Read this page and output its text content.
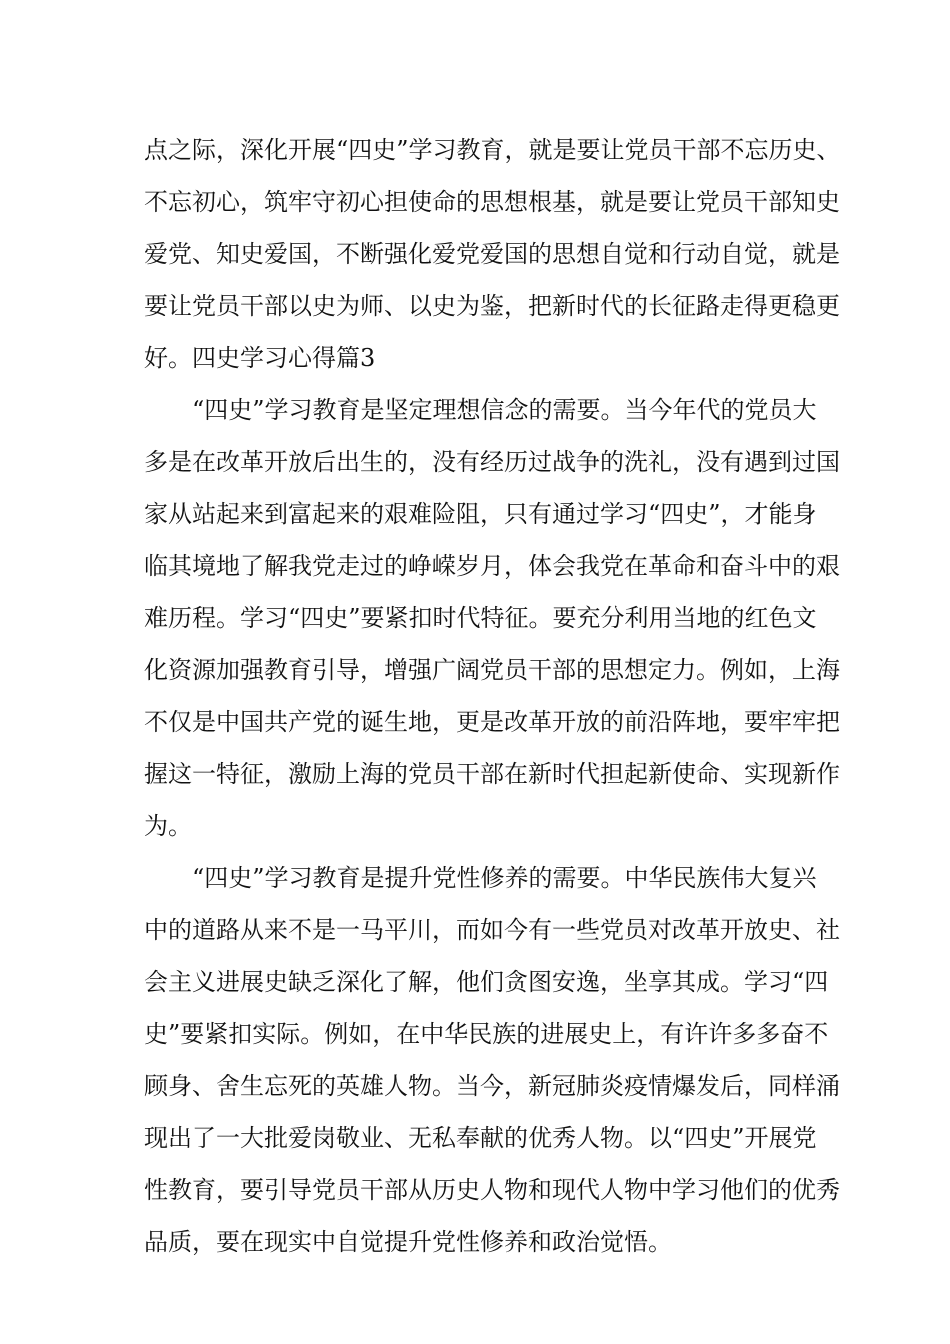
点之际，深化开展“四史”学习教育，就是要让党员干部不忘历史、
不忘初心，筑牢守初心担使命的思想根基，就是要让党员干部知史
爱党、知史爱国，不断强化爱党爱国的思想自觉和行动自觉，就是
要让党员干部以史为师、以史为鉴，把新时代的长征路走得更稳更
好。四史学习心得篇3
“四史”学习教育是坚定理想信念的需要。当今年代的党员大
多是在改革开放后出生的，没有经历过战争的洗礼，没有遇到过国
家从站起来到富起来的艰难险阻，只有通过学习“四史”，才能身
临其境地了解我党走过的峥嵘岁月，体会我党在革命和奋斗中的艰
难历程。学习“四史”要紧扣时代特征。要充分利用当地的红色文
化资源加强教育引导，增强广阔党员干部的思想定力。例如，上海
不仅是中国共产党的诞生地，更是改革开放的前沿阵地，要牢牢把
握这一特征，激励上海的党员干部在新时代担起新使命、实现新作
为。
“四史”学习教育是提升党性修养的需要。中华民族伟大复兴
中的道路从来不是一马平川，而如今有一些党员对改革开放史、社
会主义进展史缺乏深化了解，他们贪图安逸，坐享其成。学习“四
史”要紧扣实际。例如，在中华民族的进展史上，有许许多多奋不
顾身、舍生忘死的英雄人物。当今，新冠肺炎疫情爆发后，同样涌
现出了一大批爱岗敬业、无私奉献的优秀人物。以“四史”开展党
性教育，要引导党员干部从历史人物和现代人物中学习他们的优秀
品质，要在现实中自觉提升党性修养和政治觉悟。
